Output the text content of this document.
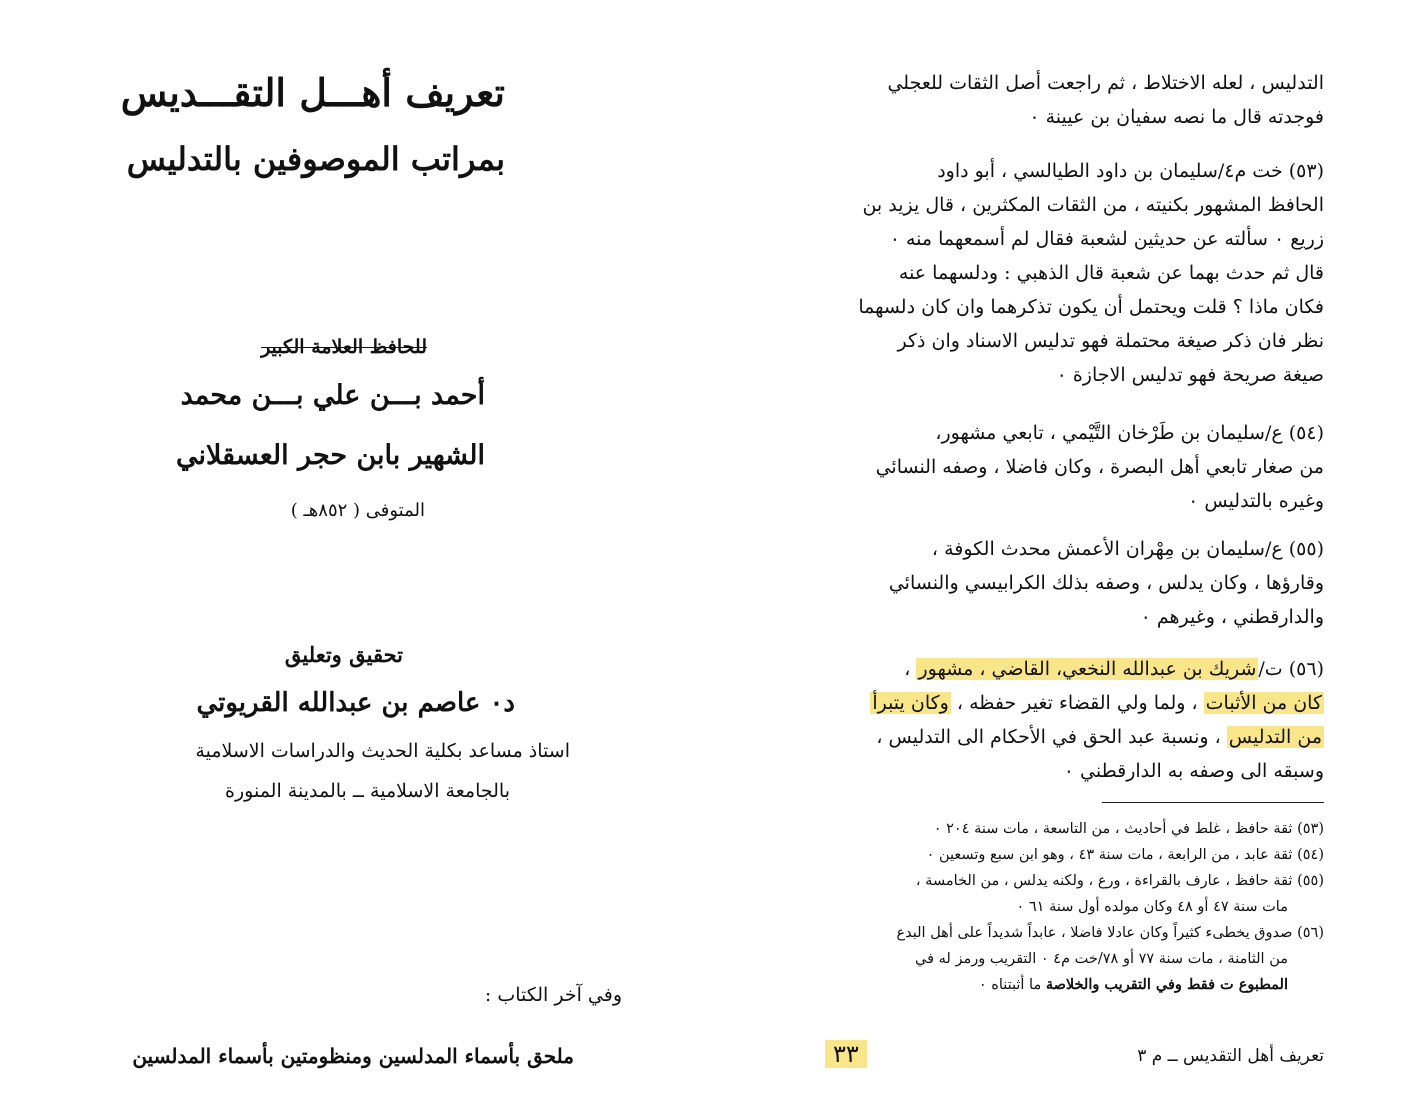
تعريف أهـــل التقـــديس
بمراتب الموصوفين بالتدليس
للحافظ العلامة الكبير
أحمد بـــن علي بـــن محمد
الشهير بابن حجر العسقلاني
المتوفى ( ٨٥٢هـ )
تحقيق وتعليق
د٠ عاصم بن عبدالله القريوتي
استاذ مساعد بكلية الحديث والدراسات الاسلامية
بالجامعة الاسلامية ــ بالمدينة المنورة
وفي آخر الكتاب :
ملحق بأسماء المدلسين ومنظومتين بأسماء المدلسين
التدليس ، لعله الاختلاط ، ثم راجعت أصل الثقات للعجلي
فوجدته قال ما نصه سفيان بن عيينة ٠
(٥٣) خت م٤/سليمان بن داود الطيالسي ، أبو داود
الحافظ المشهور بكنيته ، من الثقات المكثرين ، قال يزيد بن
زريع ٠ سألته عن حديثين لشعبة فقال لم أسمعهما منه ٠
قال ثم حدث بهما عن شعبة قال الذهبي : ودلسهما عنه
فكان ماذا ؟ قلت ويحتمل أن يكون تذكرهما وان كان دلسهما
نظر فان ذكر صيغة محتملة فهو تدليس الاسناد وان ذكر
صيغة صريحة فهو تدليس الاجازة ٠
(٥٤) ع/سليمان بن طَرْخان التَّيْمي ، تابعي مشهور،
من صغار تابعي أهل البصرة ، وكان فاضلا ، وصفه النسائي
وغيره بالتدليس ٠
(٥٥) ع/سليمان بن مِهْران الأعمش محدث الكوفة ،
وقارؤها ، وكان يدلس ، وصفه بذلك الكرابيسي والنسائي
والدارقطني ، وغيرهم ٠
(٥٦) ت/شريك بن عبدالله النخعي، القاضي ، مشهور ،
كان من الأثبات ، ولما ولي القضاء تغير حفظه ، وكان يتبرأ
من التدليس ، ونسبة عبد الحق في الأحكام الى التدليس ،
وسبقه الى وصفه به الدارقطني ٠
(٥٣) ثقة حافظ ، غلط في أحاديث ، من التاسعة ، مات سنة ٢٠٤ ٠
(٥٤) ثقة عابد ، من الرابعة ، مات سنة ٤٣ ، وهو ابن سبع وتسعين ٠
(٥٥) ثقة حافظ ، عارف بالقراءة ، ورع ، ولكنه يدلس ، من الخامسة ،
مات سنة ٤٧ أو ٤٨ وكان مولده أول سنة ٦١ ٠
(٥٦) صدوق يخطىء كثيراً وكان عادلا فاضلا ، عابداً شديداً على أهل البدع
من الثامنة ، مات سنة ٧٧ أو ٧٨/خت م٤ ٠ التقريب ورمز له في
المطبوع ت فقط وفي التقريب والخلاصة ما أثبتناه ٠
تعريف أهل التقديس ــ م ٣
٣٣
